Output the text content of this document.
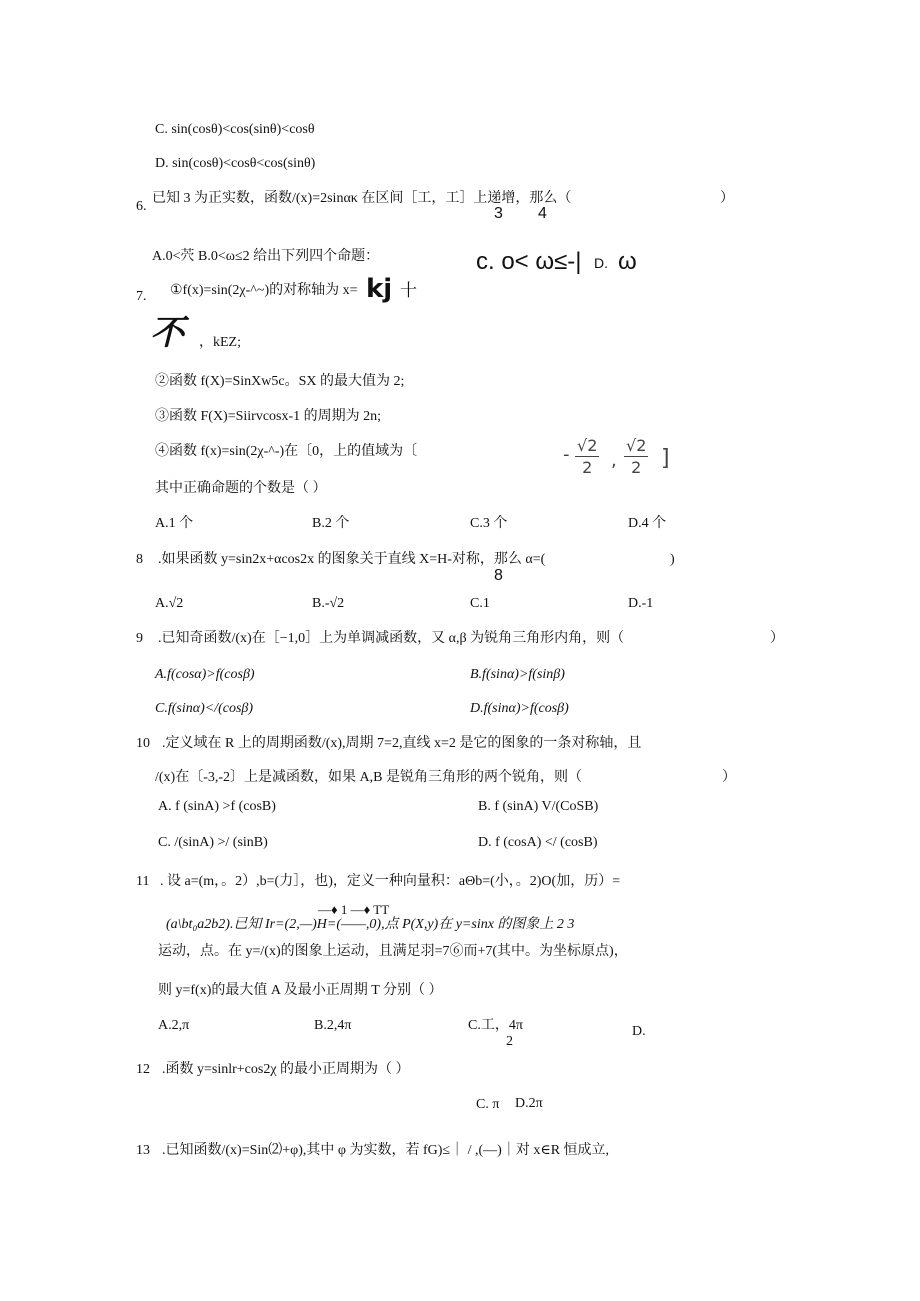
C. sin(cosθ)<cos(sinθ)<cosθ
D. sin(cosθ)<cosθ<cos(sinθ)
6.
已知 3 为正实数，函数/(x)=2sinακ 在区间［工，工］上递增，那么（	）
3 4
A.0<茓 B.0<ω≤2 给出下列四个命题：	c. o< ω≤-| D. ω
7. ①f(x)=sin(2χ-^~)的对称轴为 x= kj 十
不 ，kEZ;
②函数 f(X)=SinXw5c。SX 的最大值为 2;
③函数 F(X)=Siirvcosx-1 的周期为 2n;
④函数 f(x)=sin(2χ-^-)在〔0，上的值域为〔	- $\frac{√2}{2}$ , $\frac{√2}{2}$ ]
其中正确命题的个数是（ ）
A.1 个	B.2 个	C.3 个	D.4 个
8 .如果函数 y=sin2x+αcos2x 的图象关于直线 X=H-对称，那么 α=(	)
8
A.√2	B.-√2	C.1	D.-1
9 .已知奇函数/(x)在［−1,0］上为单调减函数，又 α,β 为锐角三角形内角，则（	）
A.f(cosα)>f(cosβ)	B.f(sinα)>f(sinβ)
C.f(sinα)</(cosβ)	D.f(sinα)>f(cosβ)
10 .定义域在 R 上的周期函数/(x),周期 7=2,直线 x=2 是它的图象的一条对称轴，且
/(x)在〔-3,-2〕上是减函数，如果 A,B 是锐角三角形的两个锐角，则（	）
A. f (sinA) >f (cosB)	B. f (sinA) V/(CoSB)
C. /(sinA) >/ (sinB)	D. f (cosA) </ (cosB)
11 . 设 a=(m，。2）,b=(力］，也)，定义一种向量积：aΘb=(小，。2)Ο(加，历）=
—♦ 1 —♦ TT
(a\bt₀a2b2).已知 Ir=(2,—)H=(——,0),点 P(X,y)在 y=sinx 的图象上 2 3
运动，点。在 y=/(x)的图象上运动，且满足羽=7⑥而+7(其中。为坐标原点)，
则 y=f(x)的最大值 A 及最小正周期 T 分别（ ）
A.2,π	B.2,4π	C.工，4π
2
D.
12 .函数 y=sinlr+cos2χ 的最小正周期为（ ）
C. π D.2π
13 .已知函数/(x)=Sin⑵+φ),其中 φ 为实数，若 fG)≤｜ / ,(—)｜对 x∈R 恒成立,
